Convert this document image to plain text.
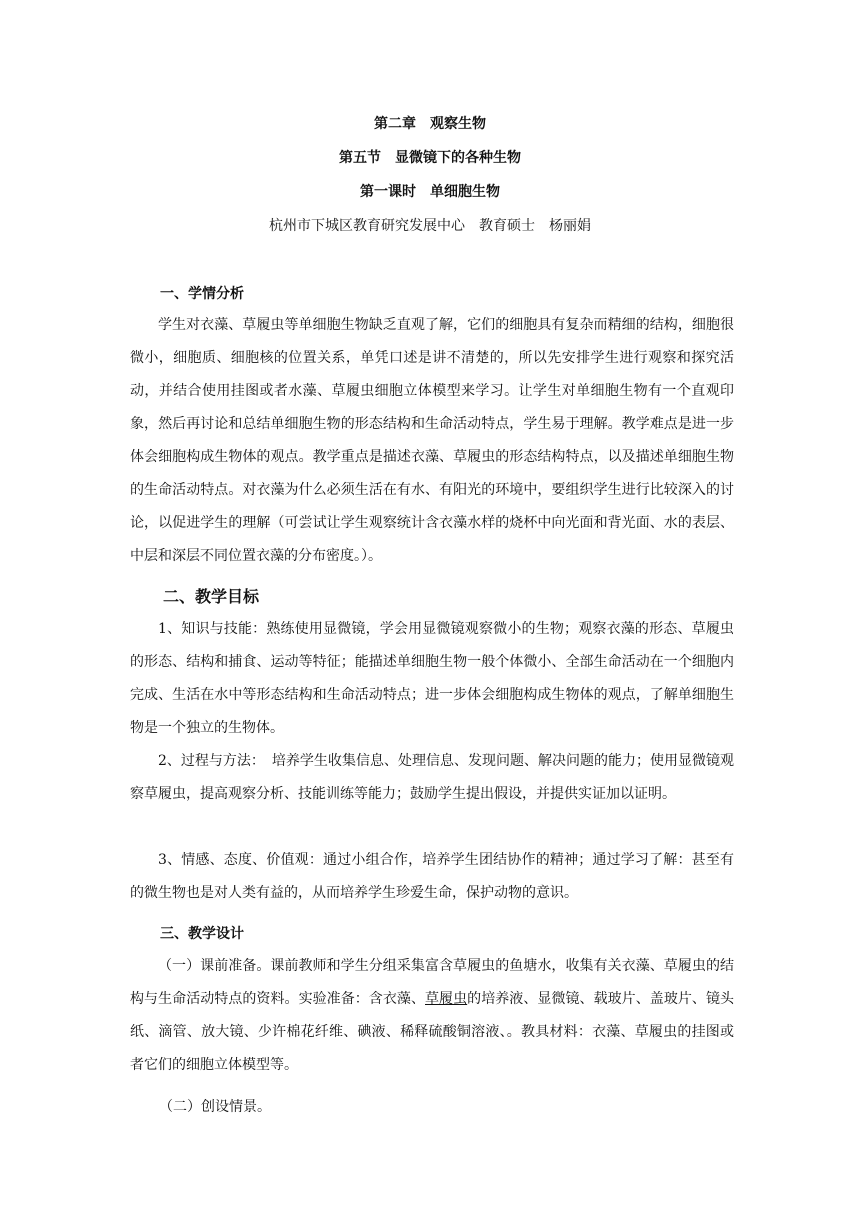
第二章　观察生物
第五节　显微镜下的各种生物
第一课时　单细胞生物
杭州市下城区教育研究发展中心　教育硕士　杨丽娟
一、学情分析
学生对衣藻、草履虫等单细胞生物缺乏直观了解，它们的细胞具有复杂而精细的结构，细胞很微小，细胞质、细胞核的位置关系，单凭口述是讲不清楚的，所以先安排学生进行观察和探究活动，并结合使用挂图或者水藻、草履虫细胞立体模型来学习。让学生对单细胞生物有一个直观印象，然后再讨论和总结单细胞生物的形态结构和生命活动特点，学生易于理解。教学难点是进一步体会细胞构成生物体的观点。教学重点是描述衣藻、草履虫的形态结构特点，以及描述单细胞生物的生命活动特点。对衣藻为什么必须生活在有水、有阳光的环境中，要组织学生进行比较深入的讨论，以促进学生的理解（可尝试让学生观察统计含衣藻水样的烧杯中向光面和背光面、水的表层、中层和深层不同位置衣藻的分布密度。）。
二、教学目标
1、知识与技能：熟练使用显微镜，学会用显微镜观察微小的生物；观察衣藻的形态、草履虫的形态、结构和捕食、运动等特征；能描述单细胞生物一般个体微小、全部生命活动在一个细胞内完成、生活在水中等形态结构和生命活动特点；进一步体会细胞构成生物体的观点，了解单细胞生物是一个独立的生物体。
2、过程与方法：　培养学生收集信息、处理信息、发现问题、解决问题的能力；使用显微镜观察草履虫，提高观察分析、技能训练等能力；鼓励学生提出假设，并提供实证加以证明。
3、情感、态度、价值观：通过小组合作，培养学生团结协作的精神；通过学习了解：甚至有的微生物也是对人类有益的，从而培养学生珍爱生命，保护动物的意识。
三、教学设计
（一）课前准备。课前教师和学生分组采集富含草履虫的鱼塘水，收集有关衣藻、草履虫的结构与生命活动特点的资料。实验准备：含衣藻、草履虫的培养液、显微镜、载玻片、盖玻片、镜头纸、滴管、放大镜、少许棉花纤维、碘液、稀释硫酸铜溶液、。教具材料：衣藻、草履虫的挂图或者它们的细胞立体模型等。
（二）创设情景。
